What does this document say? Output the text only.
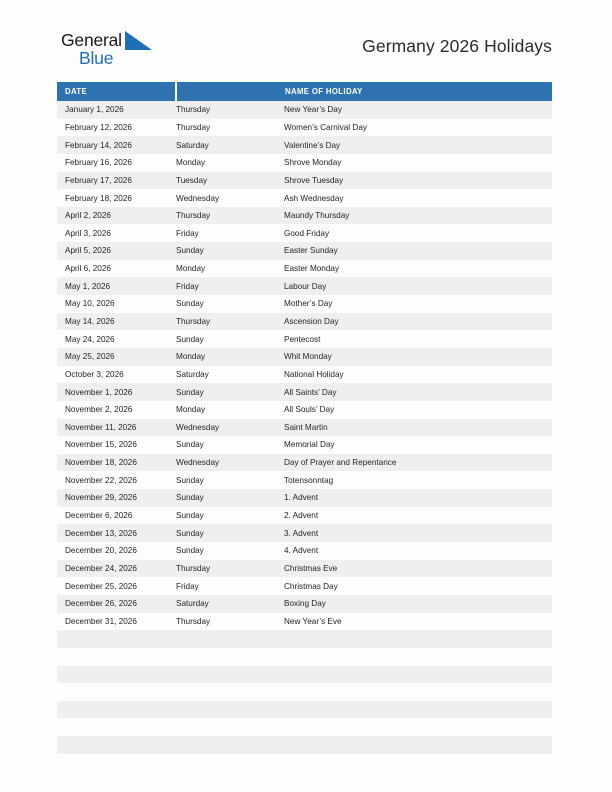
General
Blue
Germany 2026 Holidays
DATE		NAME OF HOLIDAY
January 1, 2026	Thursday	New Year’s Day
February 12, 2026	Thursday	Women’s Carnival Day
February 14, 2026	Saturday	Valentine’s Day
February 16, 2026	Monday	Shrove Monday
February 17, 2026	Tuesday	Shrove Tuesday
February 18, 2026	Wednesday	Ash Wednesday
April 2, 2026	Thursday	Maundy Thursday
April 3, 2026	Friday	Good Friday
April 5, 2026	Sunday	Easter Sunday
April 6, 2026	Monday	Easter Monday
May 1, 2026	Friday	Labour Day
May 10, 2026	Sunday	Mother’s Day
May 14, 2026	Thursday	Ascension Day
May 24, 2026	Sunday	Pentecost
May 25, 2026	Monday	Whit Monday
October 3, 2026	Saturday	National Holiday
November 1, 2026	Sunday	All Saints’ Day
November 2, 2026	Monday	All Souls’ Day
November 11, 2026	Wednesday	Saint Martin
November 15, 2026	Sunday	Memorial Day
November 18, 2026	Wednesday	Day of Prayer and Repentance
November 22, 2026	Sunday	Totensonntag
November 29, 2026	Sunday	1. Advent
December 6, 2026	Sunday	2. Advent
December 13, 2026	Sunday	3. Advent
December 20, 2026	Sunday	4. Advent
December 24, 2026	Thursday	Christmas Eve
December 25, 2026	Friday	Christmas Day
December 26, 2026	Saturday	Boxing Day
December 31, 2026	Thursday	New Year’s Eve
